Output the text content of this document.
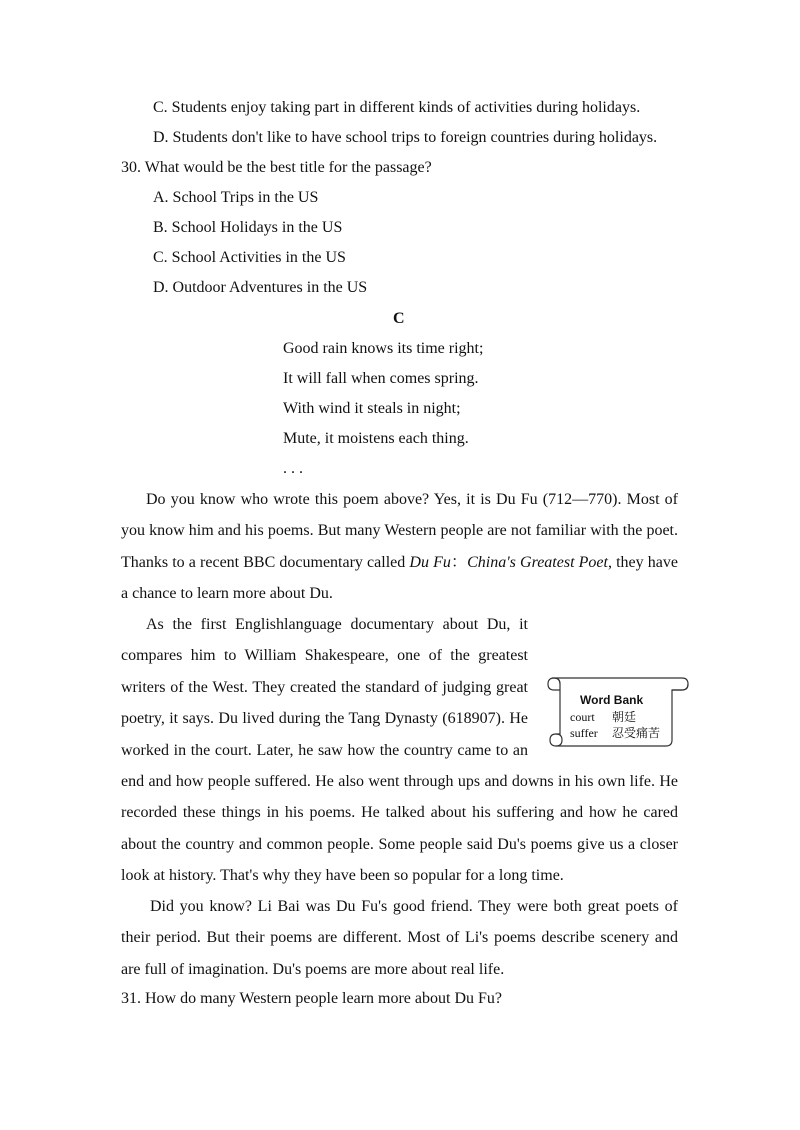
C. Students enjoy taking part in different kinds of activities during holidays.
D. Students don't like to have school trips to foreign countries during holidays.
30. What would be the best title for the passage?
A. School Trips in the US
B. School Holidays in the US
C. School Activities in the US
D. Outdoor Adventures in the US
C
Good rain knows its time right;
It will fall when comes spring.
With wind it steals in night;
Mute, it moistens each thing.
. . .
Do you know who wrote this poem above? Yes, it is Du Fu (712—770). Most of you know him and his poems. But many Western people are not familiar with the poet. Thanks to a recent BBC documentary called Du Fu：China's Greatest Poet, they have a chance to learn more about Du.
As the first Englishlanguage documentary about Du, it compares him to William Shakespeare, one of the greatest writers of the West. They created the standard of judging great poetry, it says. Du lived during the Tang Dynasty (618907). He worked in the court. Later, he saw how the country came to an end and how people suffered. He also went through ups and downs in his own life. He recorded these things in his poems. He talked about his suffering and how he cared about the country and common people. Some people said Du's poems give us a closer look at history. That's why they have been so popular for a long time.
Word Bank
court 朝廷
suffer 忍受痛苦
Did you know? Li Bai was Du Fu's good friend. They were both great poets of their period. But their poems are different. Most of Li's poems describe scenery and are full of imagination. Du's poems are more about real life.
31. How do many Western people learn more about Du Fu?
